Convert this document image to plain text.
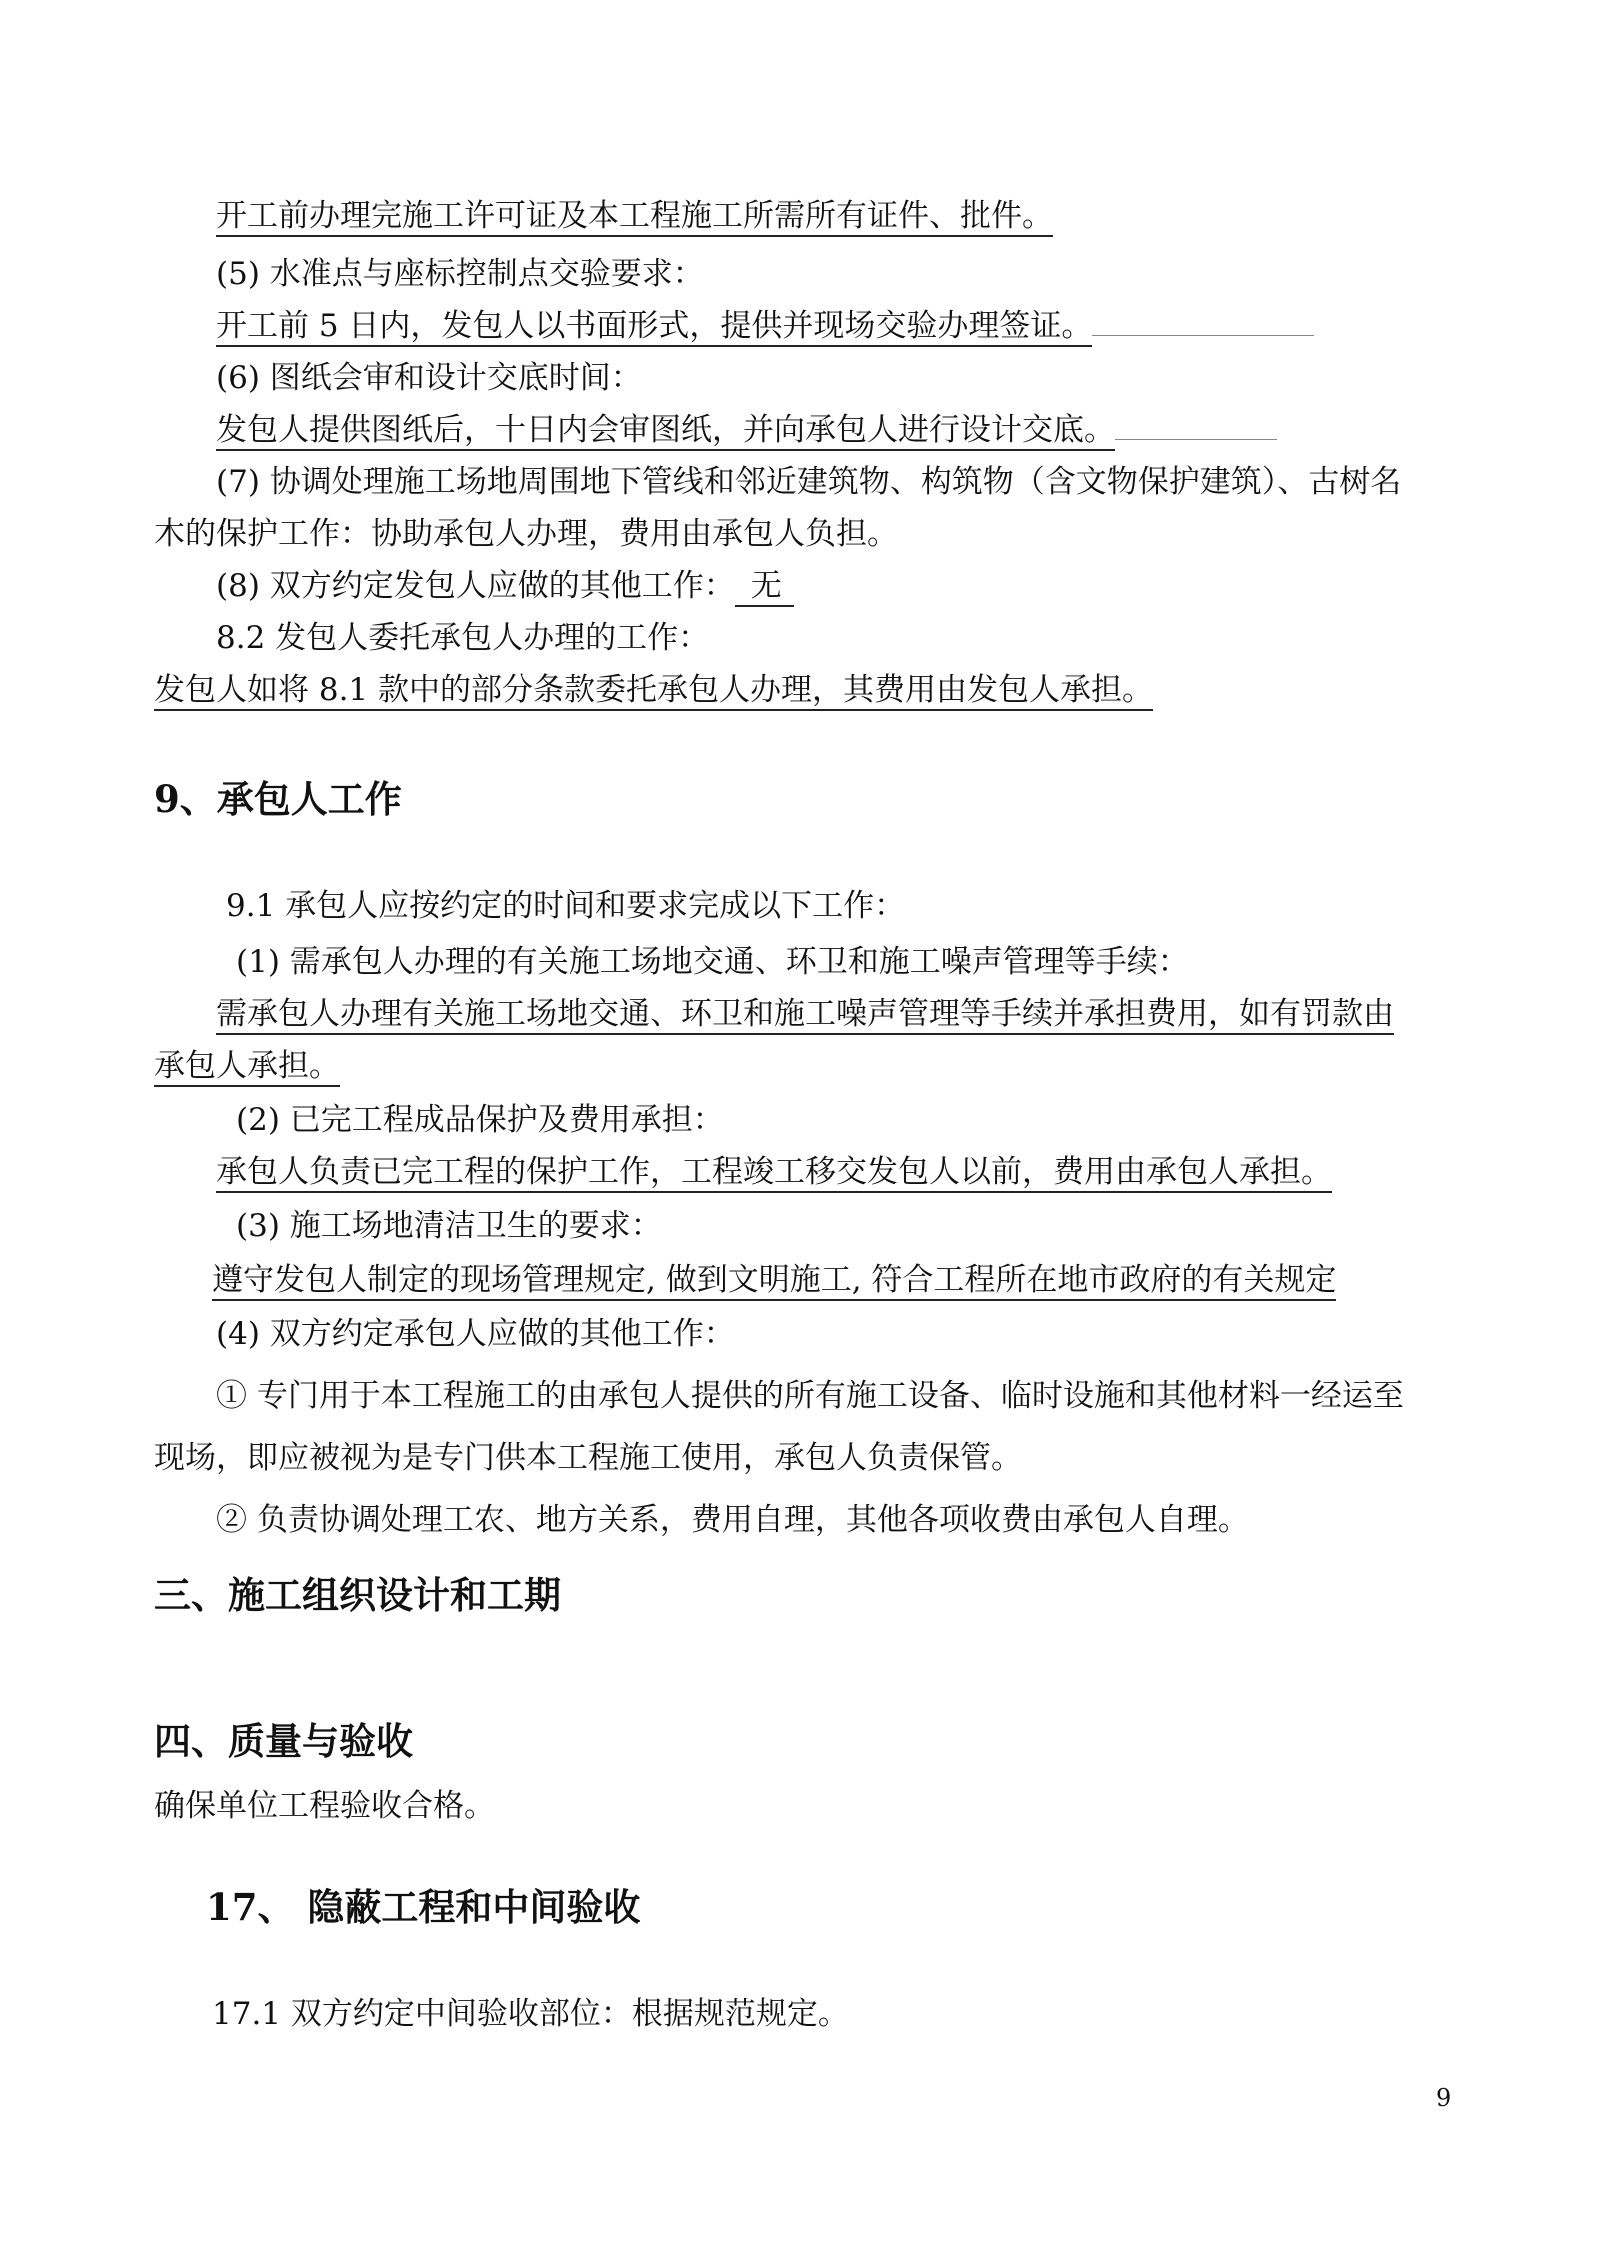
开工前办理完施工许可证及本工程施工所需所有证件、批件。
(5) 水准点与座标控制点交验要求：
开工前 5 日内，发包人以书面形式，提供并现场交验办理签证。
(6) 图纸会审和设计交底时间：
发包人提供图纸后，十日内会审图纸，并向承包人进行设计交底。
(7) 协调处理施工场地周围地下管线和邻近建筑物、构筑物（含文物保护建筑）、古树名
木的保护工作：协助承包人办理，费用由承包人负担。
(8) 双方约定发包人应做的其他工作： 无
8.2 发包人委托承包人办理的工作：
发包人如将 8.1 款中的部分条款委托承包人办理，其费用由发包人承担。
9、承包人工作
9.1 承包人应按约定的时间和要求完成以下工作：
(1) 需承包人办理的有关施工场地交通、环卫和施工噪声管理等手续：
需承包人办理有关施工场地交通、环卫和施工噪声管理等手续并承担费用，如有罚款由
承包人承担。
(2) 已完工程成品保护及费用承担：
承包人负责已完工程的保护工作，工程竣工移交发包人以前，费用由承包人承担。
(3) 施工场地清洁卫生的要求：
遵守发包人制定的现场管理规定, 做到文明施工, 符合工程所在地市政府的有关规定
(4) 双方约定承包人应做的其他工作：
① 专门用于本工程施工的由承包人提供的所有施工设备、临时设施和其他材料一经运至
现场，即应被视为是专门供本工程施工使用，承包人负责保管。
② 负责协调处理工农、地方关系，费用自理，其他各项收费由承包人自理。
三、施工组织设计和工期
四、质量与验收
确保单位工程验收合格。
17、 隐蔽工程和中间验收
17.1 双方约定中间验收部位：根据规范规定。
9
